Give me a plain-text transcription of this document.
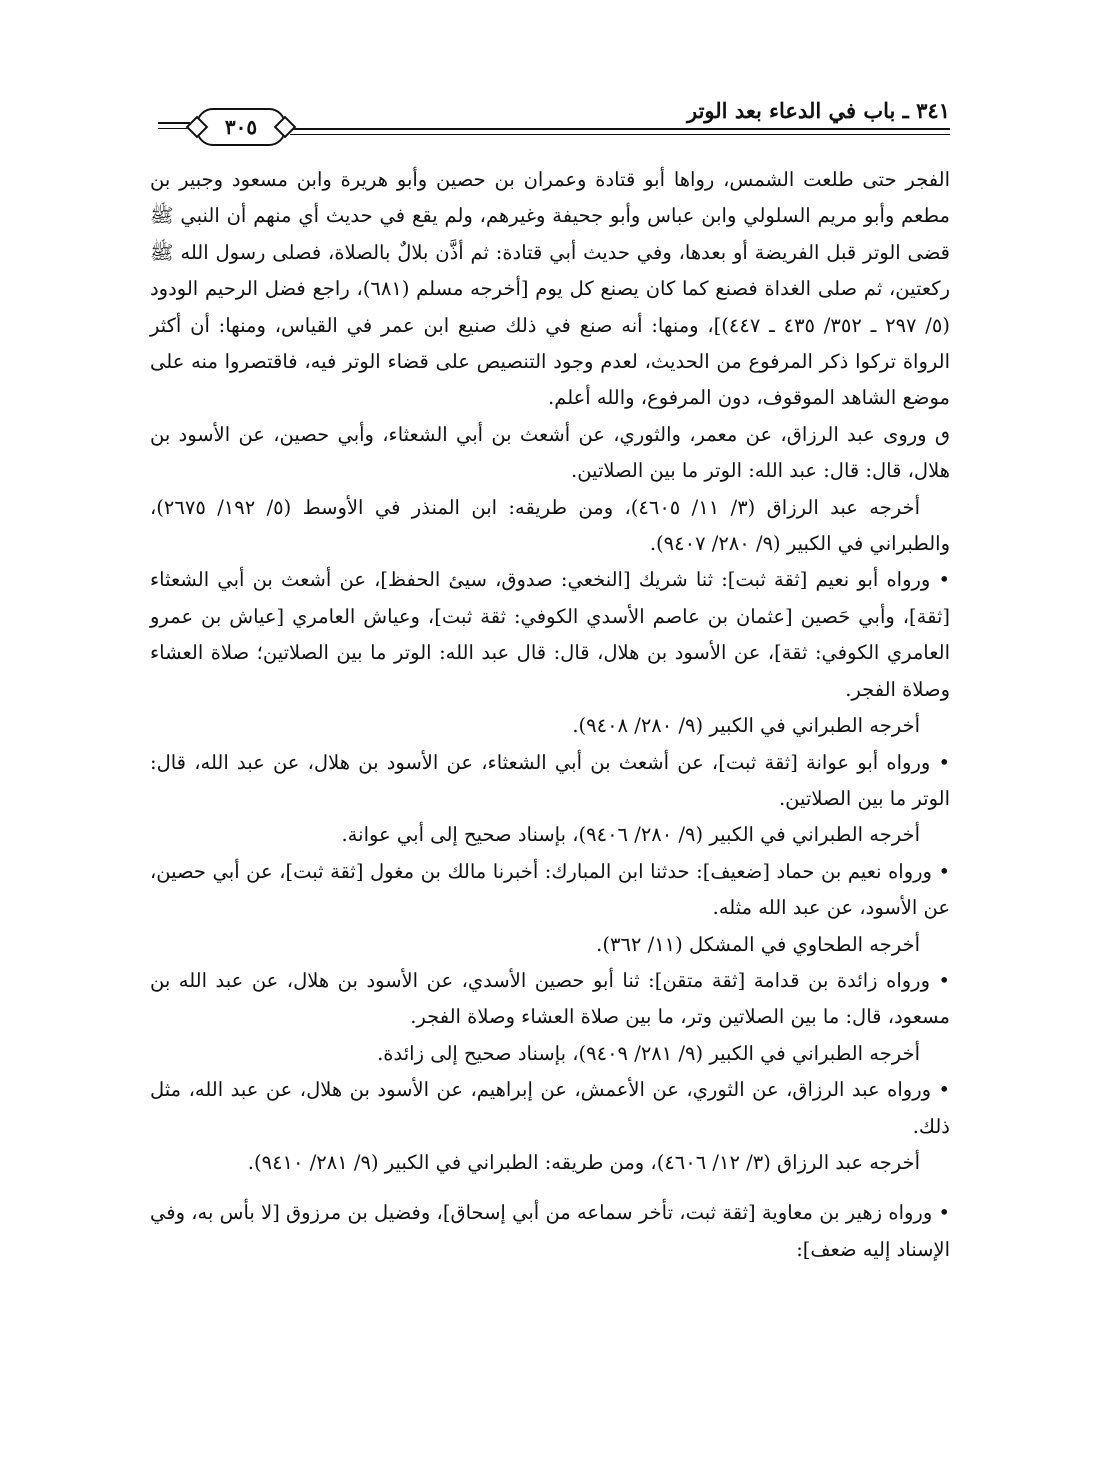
٣٤١ ـ باب في الدعاء بعد الوتر
٣٠٥

الفجر حتى طلعت الشمس، رواها أبو قتادة وعمران بن حصين وأبو هريرة وابن مسعود وجبير بن مطعم وأبو مريم السلولي وابن عباس وأبو جحيفة وغيرهم، ولم يقع في حديث أي منهم أن النبي ﷺ قضى الوتر قبل الفريضة أو بعدها، وفي حديث أبي قتادة: ثم أذَّن بلالٌ بالصلاة، فصلى رسول الله ﷺ ركعتين، ثم صلى الغداة فصنع كما كان يصنع كل يوم [أخرجه مسلم (٦٨١)، راجع فضل الرحيم الودود (٥/ ٢٩٧ ـ ٣٥٢/ ٤٣٥ ـ ٤٤٧)]، ومنها: أنه صنع في ذلك صنيع ابن عمر في القياس، ومنها: أن أكثر الرواة تركوا ذكر المرفوع من الحديث، لعدم وجود التنصيص على قضاء الوتر فيه، فاقتصروا منه على موضع الشاهد الموقوف، دون المرفوع، والله أعلم.

ٯ وروى عبد الرزاق، عن معمر، والثوري، عن أشعث بن أبي الشعثاء، وأبي حصين، عن الأسود بن هلال، قال: قال: عبد الله: الوتر ما بين الصلاتين.

أخرجه عبد الرزاق (٣/ ١١/ ٤٦٠٥)، ومن طريقه: ابن المنذر في الأوسط (٥/ ١٩٢/ ٢٦٧٥)، والطبراني في الكبير (٩/ ٢٨٠/ ٩٤٠٧).

• ورواه أبو نعيم [ثقة ثبت]: ثنا شريك [النخعي: صدوق، سيئ الحفظ]، عن أشعث بن أبي الشعثاء [ثقة]، وأبي حَصين [عثمان بن عاصم الأسدي الكوفي: ثقة ثبت]، وعياش العامري [عياش بن عمرو العامري الكوفي: ثقة]، عن الأسود بن هلال، قال: قال عبد الله: الوتر ما بين الصلاتين؛ صلاة العشاء وصلاة الفجر.

أخرجه الطبراني في الكبير (٩/ ٢٨٠/ ٩٤٠٨).

• ورواه أبو عوانة [ثقة ثبت]، عن أشعث بن أبي الشعثاء، عن الأسود بن هلال، عن عبد الله، قال: الوتر ما بين الصلاتين.

أخرجه الطبراني في الكبير (٩/ ٢٨٠/ ٩٤٠٦)، بإسناد صحيح إلى أبي عوانة.

• ورواه نعيم بن حماد [ضعيف]: حدثنا ابن المبارك: أخبرنا مالك بن مغول [ثقة ثبت]، عن أبي حصين، عن الأسود، عن عبد الله مثله.

أخرجه الطحاوي في المشكل (١١/ ٣٦٢).

• ورواه زائدة بن قدامة [ثقة متقن]: ثنا أبو حصين الأسدي، عن الأسود بن هلال، عن عبد الله بن مسعود، قال: ما بين الصلاتين وتر، ما بين صلاة العشاء وصلاة الفجر.

أخرجه الطبراني في الكبير (٩/ ٢٨١/ ٩٤٠٩)، بإسناد صحيح إلى زائدة.

• ورواه عبد الرزاق، عن الثوري، عن الأعمش، عن إبراهيم، عن الأسود بن هلال، عن عبد الله، مثل ذلك.

أخرجه عبد الرزاق (٣/ ١٢/ ٤٦٠٦)، ومن طريقه: الطبراني في الكبير (٩/ ٢٨١/ ٩٤١٠).

• ورواه زهير بن معاوية [ثقة ثبت، تأخر سماعه من أبي إسحاق]، وفضيل بن مرزوق [لا بأس به، وفي الإسناد إليه ضعف]:
